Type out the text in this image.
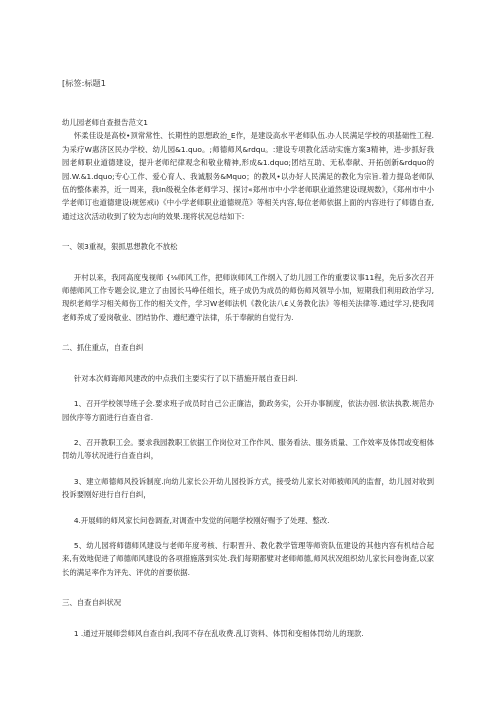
[标签:标题1

幼儿园老师自查报告范文1

怀柔佳设是高校•顶常常性、长期性的思想政治_E作，是建设高水平老师队伍.办人民满足学校的项基础性工程.为采疗W惠济区民办学校、幼儿园&1.quo。;师德师风&rdqu。:建设专项教化活动实施方案3精神，进-步抓好我园老师职业道德建设，提升老师纪律观念和敬业精神,形成&1.dquo;团结互助、无私奉献、开拓创新&rdquo的园.W.&1.dquo;专心工作、爱心育人、我诚服务&Mquo；的教风•以办好人民满足的教化为宗旨.着力提岛老师队伍的整体素养，近一周来，我In级税全体老师学习、探讨«郑州市中小学老师职业道然建设i现规数》，《郑州市中小学老师订也道德建设i规惩戒i)《中小学老师职业道德规范》等相关内容,每位老师依据上面的内容进行了师德自查,通过这次活动收到了较为志向的效果.现将状况总结如下:

一、领3重视，狠抓思想教化不放松

开村以来，我同高度曳视师 {⅛师风工作，把师诙师风工作纲入了幼儿园工作的重要议事11程，先后多次召开师徳师风工作专题会议,建立了由园长马峥任组长，班子成仍为成员的师伤师风领导小加，短期我们利用政治学习,现织老师学习相关师伤工作的相关文件，学习W老师法机《教化法八£乂务教化法》等相关法律等.通过学习,使我同老师养成了爱岗敬业、团结协作、遵纪遵守法律，乐于奉献的自觉行为.

二、抓住重点，自查自纠

针对本次师诲师风建改的中点我们主要实行了以下措施开展自查日纠.

1、召开学校领导班子会.要求班子成员时自己公正廉洁，勤政务实，公开办事制度，依法办园.依法执教.规范办园伙序等方面进行自查自省.

2、召开教职工会。要求我园教职工依据工作岗位对工作作风、服务看法、服务质量、工作效率及体罚或变相体罚幼儿等状况进行自查自纠，

3、建立师德师风投诉制度.向幼儿家长公开幼儿园投诉方式，接受幼儿家长对师被师风的监督，幼儿园对收到投诉要刚好进行自行自纠，

4.开展师的师风家长问卷调查,对调查中发觉的问题学校刚好赐予了处理、整改.

5、幼儿园将师德师风建设与老师年度考核、行职晋升、教化教学管理等师资队伍建设的其他内容有机结合起来,有效地促进了师德师风建设的各项措施落到实处.我们每期都嬖对老师师德,师风状况组织幼儿家长问卷询查,以家长的满足率作为评先、评优的首要依据.

三、自查自纠状况

1 .通过开展师尝师风自查自纠,我同不存在乱收费.乱订资料、体罚和变相体罚幼儿的现款.
